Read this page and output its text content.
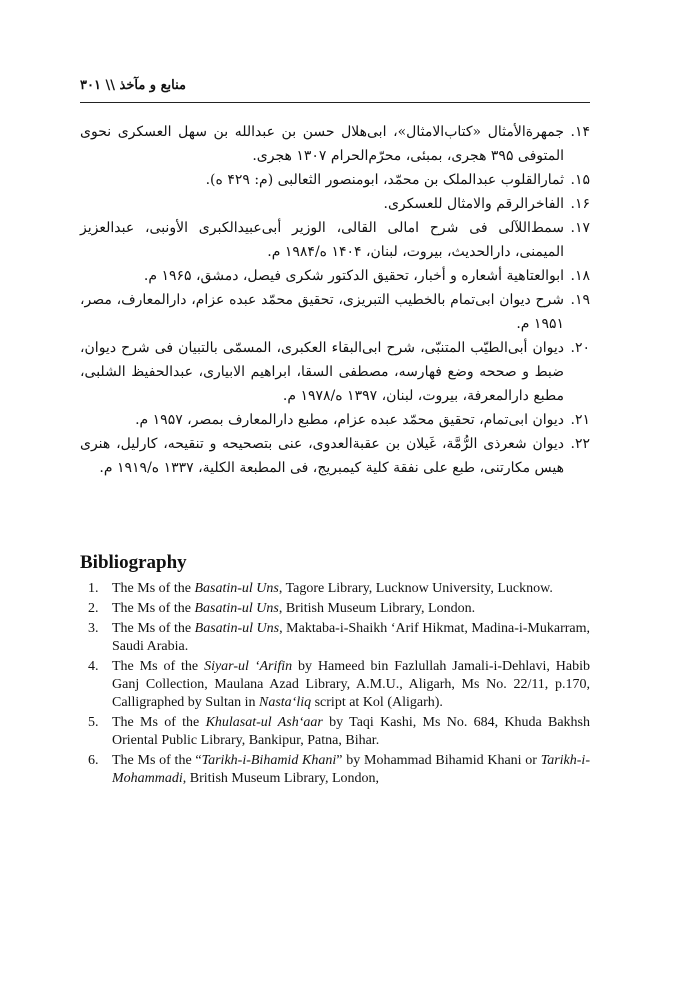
منابع و مآخذ \\ ۳۰۱
۱۴.
جمهرةالأمثال «کتاب‌الامثال»، ابی‌هلال حسن بن عبدالله بن سهل العسکری نحوی المتوفی ۳۹۵ هجری، بمبئی، محرّم‌الحرام ۱۳۰۷ هجری.
۱۵.
ثمارالقلوب عبدالملک بن محمّد، ابومنصور الثعالبی (م: ۴۲۹ ه).
۱۶.
الفاخرالرقم والامثال للعسکری.
۱۷.
سمط‌اللآلی فی شرح امالی القالی، الوزیر أبی‌عبیدالکبری الأونبی، عبدالعزیز المیمنی، دارالحدیث، بیروت، لبنان، ۱۴۰۴ ه/۱۹۸۴ م.
۱۸.
ابوالعتاهیة أشعاره و أخبار، تحقیق الدکتور شکری فیصل، دمشق، ۱۹۶۵ م.
۱۹.
شرح دیوان ابی‌تمام بالخطیب التبریزی، تحقیق محمّد عبده عزام، دارالمعارف، مصر، ۱۹۵۱ م.
۲۰.
دیوان أبی‌الطیّب المتنبّی، شرح ابی‌البقاء العکبری، المسمّی بالتبیان فی شرح دیوان، ضبط و صححه وضع فهارسه، مصطفی السقا، ابراهیم الابیاری، عبدالحفیظ الشلبی، مطبع دارالمعرفة، بیروت، لبنان، ۱۳۹۷ ه/۱۹۷۸ م.
۲۱.
دیوان ابی‌تمام، تحقیق محمّد عبده عزام، مطبع دارالمعارف بمصر، ۱۹۵۷ م.
۲۲.
دیوان شعرذی الرُّمَّة، غَیلان بن عقبةالعدوی، عنی بتصحیحه و تنقیحه، کارلیل، هنری هیس مکارتنی، طبع علی نفقة کلیة کیمبریج، فی المطبعة الکلیة، ۱۳۳۷ ه/۱۹۱۹ م.
Bibliography
1. The Ms of the Basatin-ul Uns, Tagore Library, Lucknow University, Lucknow.
2. The Ms of the Basatin-ul Uns, British Museum Library, London.
3. The Ms of the Basatin-ul Uns, Maktaba-i-Shaikh ‘Arif Hikmat, Madina-i-Mukarram, Saudi Arabia.
4. The Ms of the Siyar-ul ‘Arifin by Hameed bin Fazlullah Jamali-i-Dehlavi, Habib Ganj Collection, Maulana Azad Library, A.M.U., Aligarh, Ms No. 22/11, p.170, Calligraphed by Sultan in Nasta‘liq script at Kol (Aligarh).
5. The Ms of the Khulasat-ul Ash‘aar by Taqi Kashi, Ms No. 684, Khuda Bakhsh Oriental Public Library, Bankipur, Patna, Bihar.
6. The Ms of the “Tarikh-i-Bihamid Khani” by Mohammad Bihamid Khani or Tarikh-i-Mohammadi, British Museum Library, London,
